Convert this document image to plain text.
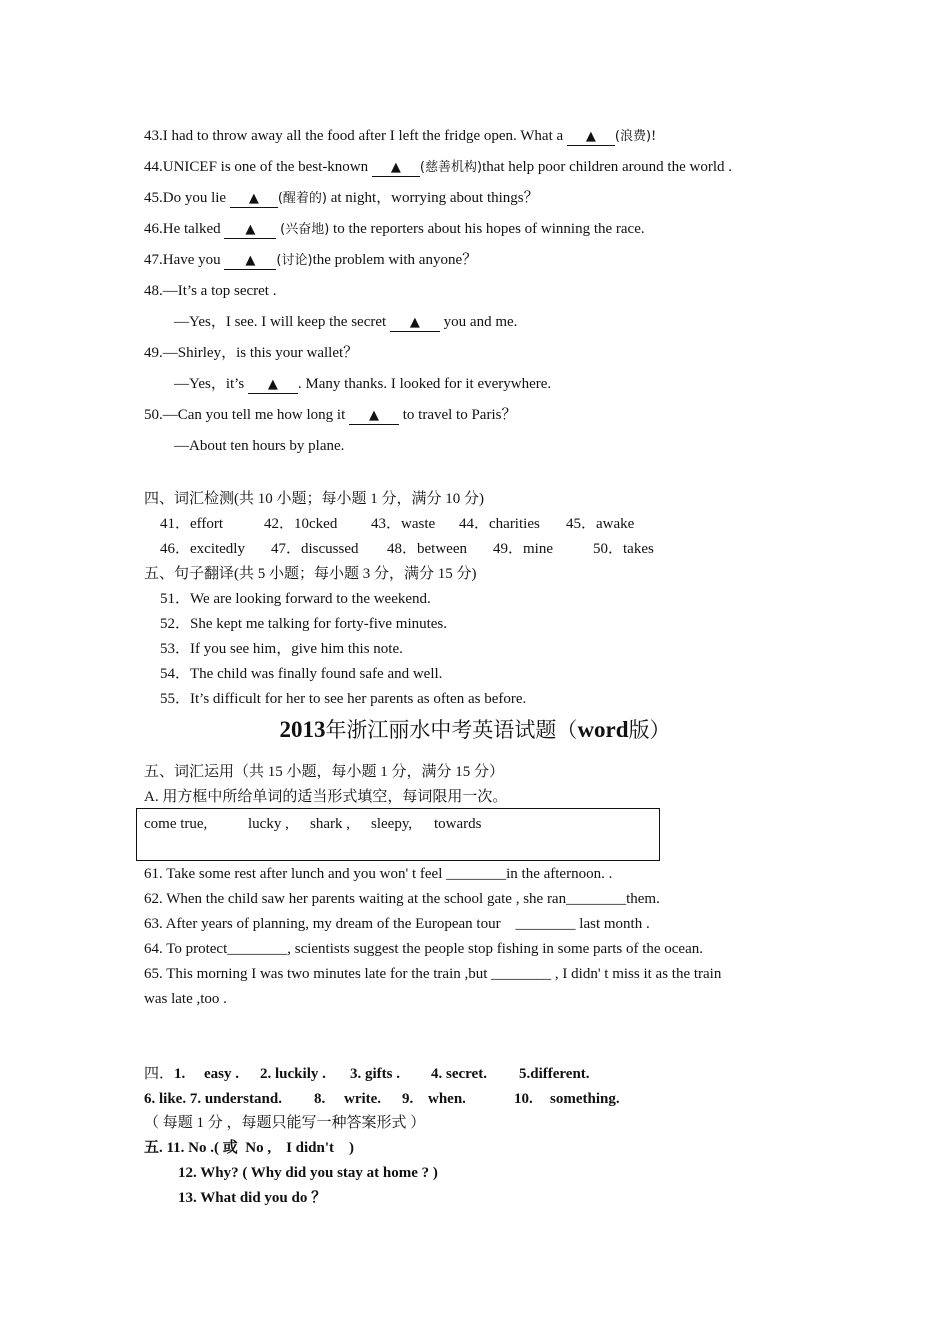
43.I had to throw away all the food after I left the fridge open. What a ▲ (浪费)!
44.UNICEF is one of the best-known ▲ (慈善机构)that help poor children around the world .
45.Do you lie ▲ (醒着的) at night，worrying about things？
46.He talked ▲ (兴奋地) to the reporters about his hopes of winning the race.
47.Have you ▲ (讨论)the problem with anyone？
48.—It’s a top secret .
—Yes，I see. I will keep the secret ▲ you and me.
49.—Shirley，is this your wallet？
—Yes，it’s ▲ . Many thanks. I looked for it everywhere.
50.—Can you tell me how long it ▲ to travel to Paris？
—About ten hours by plane.
四、词汇检测(共 10 小题；每小题 1 分，满分 10 分)
41．effort	42．10cked 43．waste 44．charities 45．awake
46．excitedly 47．discussed 48．between 49．mine	50．takes
五、句子翻译(共 5 小题；每小题 3 分，满分 15 分)
51．We are looking forward to the weekend.
52．She kept me talking for forty-five minutes.
53．If you see him，give him this note.
54．The child was finally found safe and well.
55．It’s difficult for her to see her parents as often as before.
2013年浙江丽水中考英语试题（word版）
五、词汇运用（共 15 小题，每小题 1 分，满分 15 分）
A. 用方框中所给单词的适当形式填空，每词限用一次。
come true,	lucky , shark , sleepy, towards
61. Take some rest after lunch and you won' t feel ________in the afternoon. .
62. When the child saw her parents waiting at the school gate , she ran________them.
63. After years of planning, my dream of the European tour    ________ last month .
64. To protect________, scientists suggest the people stop fishing in some parts of the ocean.
65. This morning I was two minutes late for the train ,but ________ , I didn' t miss it as the train
was late ,too .
四．1. easy . 2. luckily . 3. gifts . 4. secret. 5.different.
6. like. 7. understand. 8. write. 9. when.	10. something.
（ 每题 1 分 ，每题只能写一种答案形式 ）
五. 11. No .( 或  No ,    I didn't    )
12. Why? ( Why did you stay at home ? )
13. What did you do ？
